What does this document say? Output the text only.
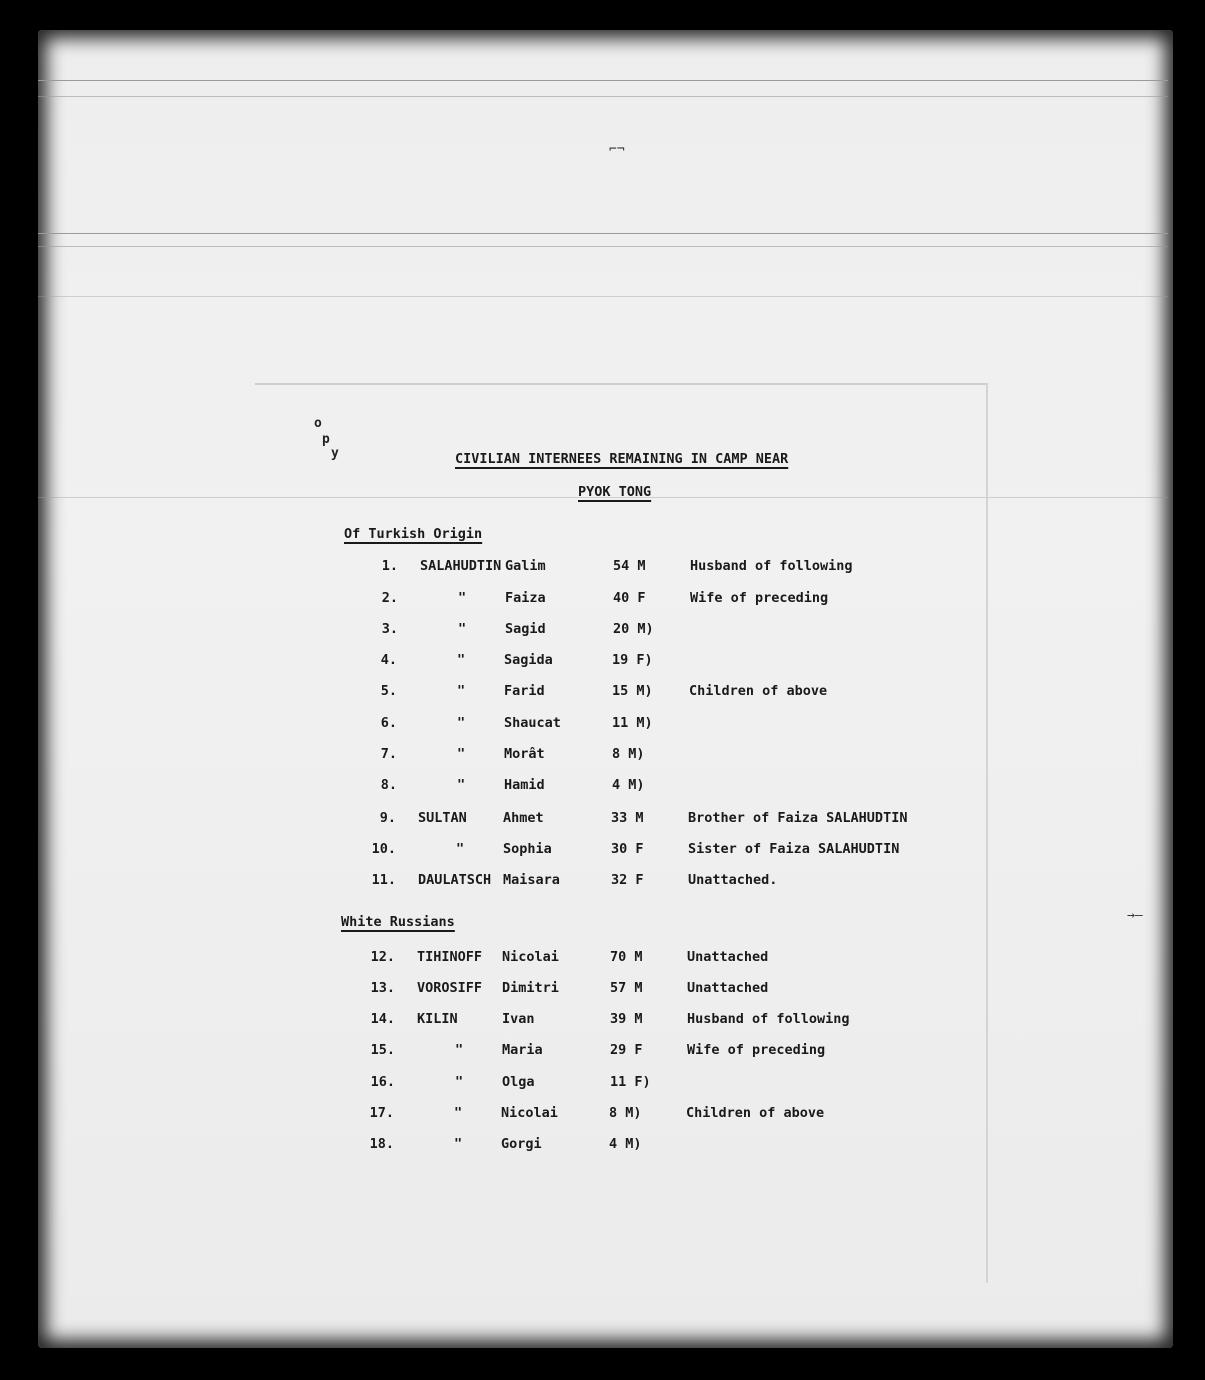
⌐¬
→—
o
p
y	CIVILIAN INTERNEES REMAINING IN CAMP NEAR
PYOK TONG
Of Turkish Origin
White Russians
1. SALAHUDTIN Galim	54 M	Husband of following
2.	"	Faiza	40 F	Wife of preceding
3.	"	Sagid	20 M)
4.	"	Sagida	19 F)
5.	"	Farid	15 M)	Children of above
6.	"	Shaucat	11 M)
7.	"	Morât	8 M)
8.	"	Hamid	4 M)
9. SULTAN	Ahmet	33 M	Brother of Faiza SALAHUDTIN
10.	"	Sophia	30 F	Sister of Faiza SALAHUDTIN
11. DAULATSCH Maisara	32 F	Unattached.
12. TIHINOFF Nicolai	70 M	Unattached
13. VOROSIFF Dimitri	57 M	Unattached
14. KILIN	Ivan	39 M	Husband of following
15.	"	Maria	29 F	Wife of preceding
16.	"	Olga	11 F)
17.	"	Nicolai	8 M)	Children of above
18.	"	Gorgi	4 M)
